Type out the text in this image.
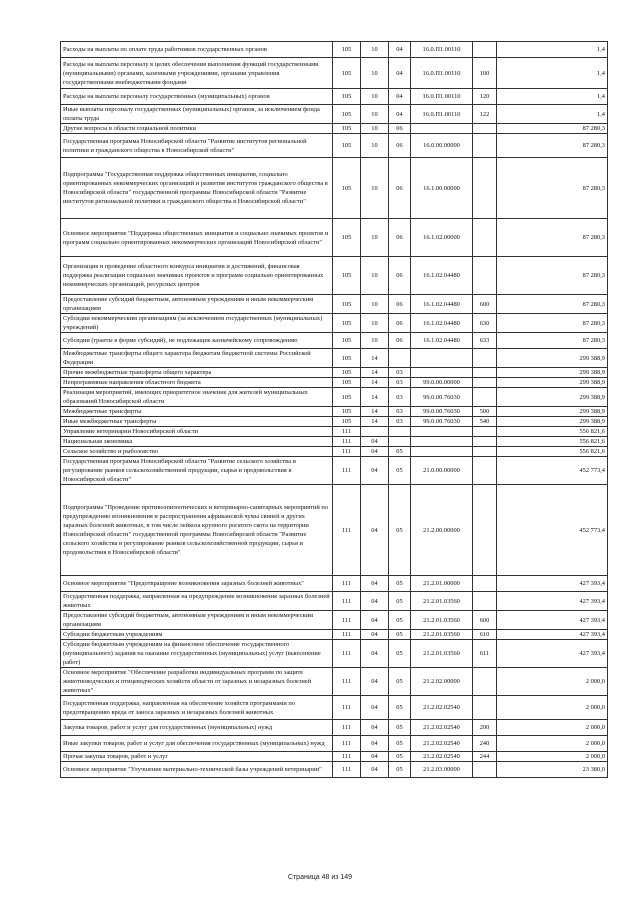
Расходы на выплаты по оплате труда работников государственных органов	105	10	04	16.0.П1.00110		1,4
Расходы на выплаты персоналу в целях обеспечения выполнения функций государственными (муниципальными) органами, казенными учреждениями, органами управления государственными внебюджетными фондами	105	10	04	16.0.П1.00110	100	1,4
Расходы на выплаты персоналу государственных (муниципальных) органов	105	10	04	16.0.П1.00110	120	1,4
Иные выплаты персоналу государственных (муниципальных) органов, за исключением фонда оплаты труда	105	10	04	16.0.П1.00110	122	1,4
Другие вопросы в области социальной политики	105	10	06			87 280,3
Государственная программа Новосибирской области "Развитие институтов региональной политики и гражданского общества в Новосибирской области"	105	10	06	16.0.00.00000		87 280,3
Подпрограмма "Государственная поддержка общественных инициатив, социально ориентированных некоммерческих организаций и развития институтов гражданского общества в Новосибирской области" государственной программы Новосибирской области "Развитие институтов региональной политики и гражданского общества в Новосибирской области"	105	10	06	16.1.00.00000		87 280,3
Основное мероприятие "Поддержка общественных инициатив и социально значимых проектов и программ социально ориентированных некоммерческих организаций Новосибирской области"	105	10	06	16.1.02.00000		87 280,3
Организация и проведение областного конкурса инициатив и достижений, финансовая поддержка реализации социально значимых проектов и программ социально ориентированных некоммерческих организаций, ресурсных центров	105	10	06	16.1.02.04480		87 280,3
Предоставление субсидий бюджетным, автономным учреждениям и иным некоммерческим организациям	105	10	06	16.1.02.04480	600	87 280,3
Субсидии некоммерческим организациям (за исключением государственных (муниципальных) учреждений)	105	10	06	16.1.02.04480	630	87 280,3
Субсидии (гранты в форме субсидий), не подлежащие казначейскому сопровождению	105	10	06	16.1.02.04480	633	87 280,3
Межбюджетные трансферты общего характера бюджетам бюджетной системы Российской Федерации	105	14				299 388,9
Прочие межбюджетные трансферты общего характера	105	14	03			299 388,9
Непрограммные направления областного бюджета	105	14	03	99.0.00.00000		299 388,9
Реализация мероприятий, имеющих приоритетное значение для жителей муниципальных образований Новосибирской области	105	14	03	99.0.00.76030		299 388,9
Межбюджетные трансферты	105	14	03	99.0.00.76030	500	299 388,9
Иные межбюджетные трансферты	105	14	03	99.0.00.76030	540	299 388,9
Управление ветеринарии Новосибирской области	111					556 821,6
Национальная экономика	111	04				556 821,6
Сельское хозяйство и рыболовство	111	04	05			556 821,6
Государственная программа Новосибирской области "Развитие сельского хозяйства и регулирование рынков сельскохозяйственной продукции, сырья и продовольствия в Новосибирской области"	111	04	05	21.0.00.00000		452 773,4
Подпрограмма "Проведение противоэпизоотических и ветеринарно-санитарных мероприятий по предупреждению возникновения и распространения африканской чумы свиней и других заразных болезней животных, в том числе лейкоза крупного рогатого скота на территории Новосибирской области" государственной программы Новосибирской области "Развитие сельского хозяйства и регулирование рынков сельскохозяйственной продукции, сырья и продовольствия в Новосибирской области"	111	04	05	21.2.00.00000		452 773,4
Основное мероприятие "Предотвращение возникновения заразных болезней животных"	111	04	05	21.2.01.00000		427 393,4
Государственная поддержка, направленная на предупреждение возникновения заразных болезней животных	111	04	05	21.2.01.03560		427 393,4
Предоставление субсидий бюджетным, автономным учреждениям и иным некоммерческим организациям	111	04	05	21.2.01.03560	600	427 393,4
Субсидии бюджетным учреждениям	111	04	05	21.2.01.03560	610	427 393,4
Субсидии бюджетным учреждениям на финансовое обеспечение государственного (муниципального) задания на оказание государственных (муниципальных) услуг (выполнение работ)	111	04	05	21.2.01.03560	611	427 393,4
Основное мероприятие "Обеспечение разработки индивидуальных программ по защите животноводческих и птицеводческих хозяйств области от заразных и незаразных болезней животных"	111	04	05	21.2.02.00000		2 000,0
Государственная поддержка, направленная на обеспечение хозяйств программами по предотвращению вреда от заноса заразных и незаразных болезней животных	111	04	05	21.2.02.02540		2 000,0
Закупка товаров, работ и услуг для государственных (муниципальных) нужд	111	04	05	21.2.02.02540	200	2 000,0
Иные закупки товаров, работ и услуг для обеспечения государственных (муниципальных) нужд	111	04	05	21.2.02.02540	240	2 000,0
Прочая закупка товаров, работ и услуг	111	04	05	21.2.02.02540	244	2 000,0
Основное мероприятие "Улучшение материально-технической базы учреждений ветеринарии"	111	04	05	21.2.03.00000		23 380,0
Страница 48 из 149
